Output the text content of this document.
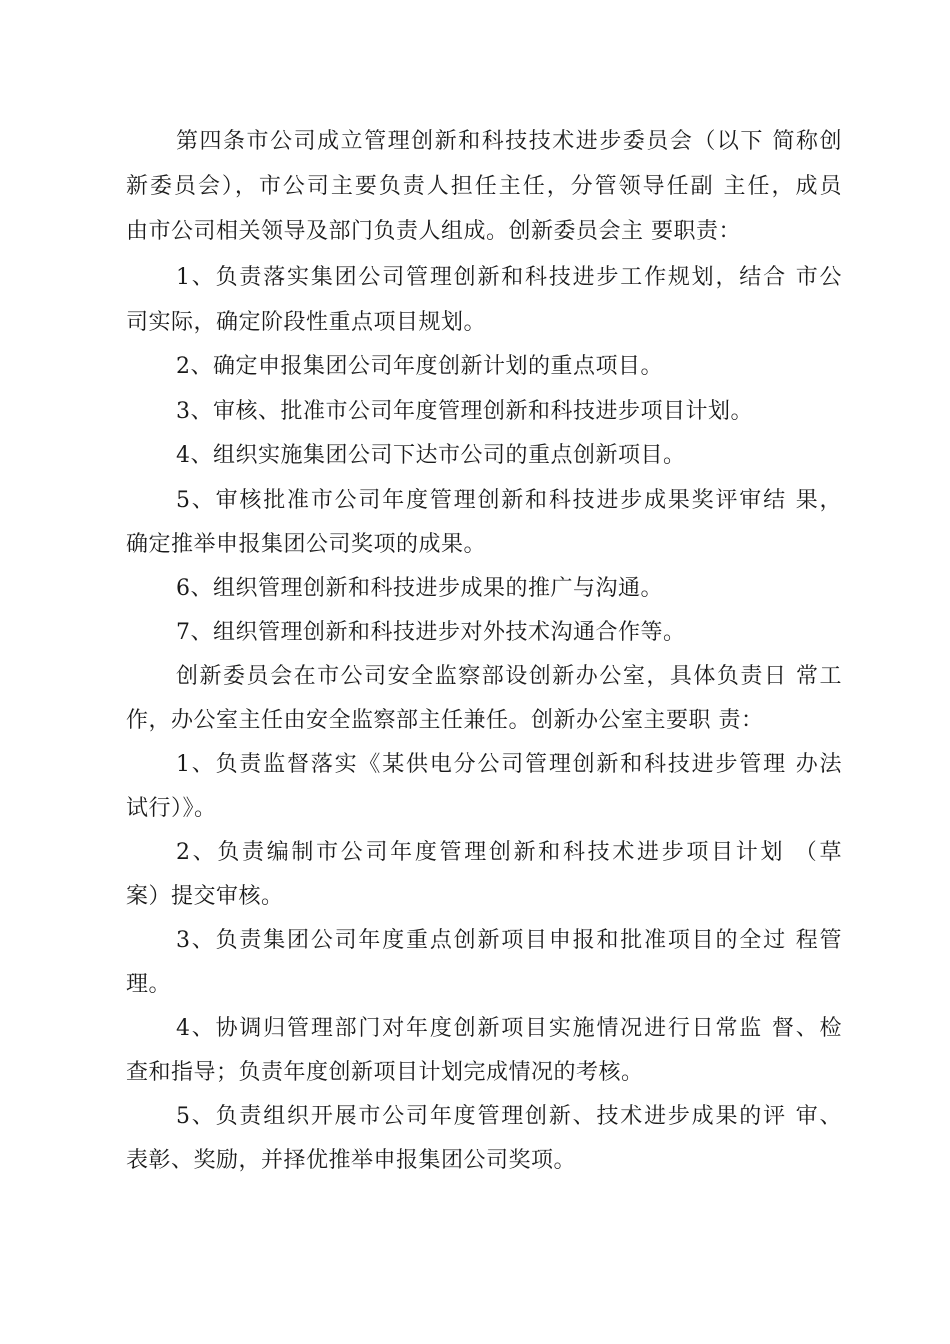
第四条市公司成立管理创新和科技技术进步委员会（以下 简称创
新委员会），市公司主要负责人担任主任，分管领导任副 主任，成员
由市公司相关领导及部门负责人组成。创新委员会主 要职责：
1、负责落实集团公司管理创新和科技进步工作规划，结合 市公
司实际，确定阶段性重点项目规划。
2、确定申报集团公司年度创新计划的重点项目。
3、审核、批准市公司年度管理创新和科技进步项目计划。
4、组织实施集团公司下达市公司的重点创新项目。
5、审核批准市公司年度管理创新和科技进步成果奖评审结 果，
确定推举申报集团公司奖项的成果。
6、组织管理创新和科技进步成果的推广与沟通。
7、组织管理创新和科技进步对外技术沟通合作等。
创新委员会在市公司安全监察部设创新办公室，具体负责日 常工
作，办公室主任由安全监察部主任兼任。创新办公室主要职 责：
1、负责监督落实《某供电分公司管理创新和科技进步管理 办法
试行）》。
2、负责编制市公司年度管理创新和科技术进步项目计划 （草
案）提交审核。
3、负责集团公司年度重点创新项目申报和批准项目的全过 程管
理。
4、协调归管理部门对年度创新项目实施情况进行日常监 督、检
查和指导；负责年度创新项目计划完成情况的考核。
5、负责组织开展市公司年度管理创新、技术进步成果的评 审、
表彰、奖励，并择优推举申报集团公司奖项。
